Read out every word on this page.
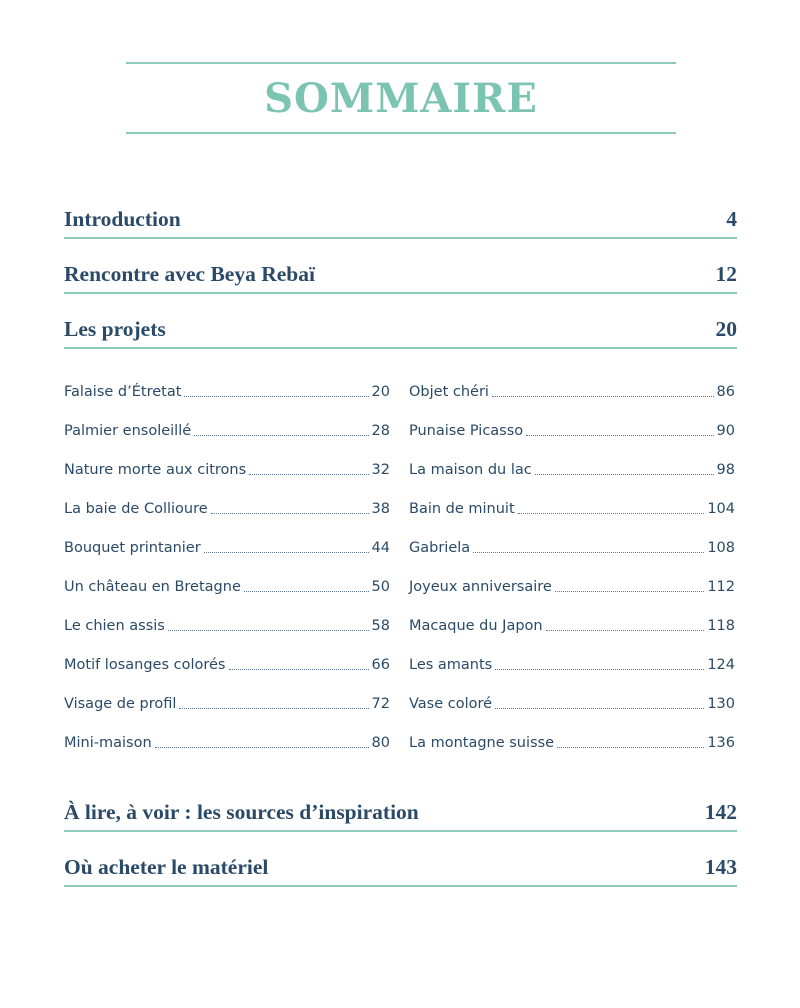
SOMMAIRE
Introduction	4
Rencontre avec Beya Rebaï	12
Les projets	20
Falaise d’Étretat	20
Palmier ensoleillé	28
Nature morte aux citrons	32
La baie de Collioure	38
Bouquet printanier	44
Un château en Bretagne	50
Le chien assis	58
Motif losanges colorés	66
Visage de profil	72
Mini-maison	80
Objet chéri	86
Punaise Picasso	90
La maison du lac	98
Bain de minuit	104
Gabriela	108
Joyeux anniversaire	112
Macaque du Japon	118
Les amants	124
Vase coloré	130
La montagne suisse	136
À lire, à voir : les sources d’inspiration	142
Où acheter le matériel	143
